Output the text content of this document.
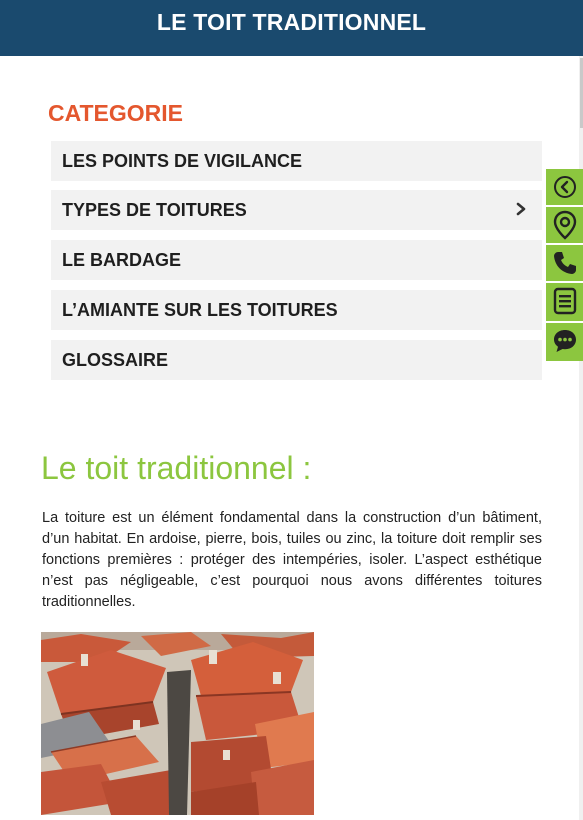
LE TOIT TRADITIONNEL
CATEGORIE
LES POINTS DE VIGILANCE
TYPES DE TOITURES
LE BARDAGE
L’AMIANTE SUR LES TOITURES
GLOSSAIRE
Le toit traditionnel :

La toiture est un élément fondamental dans la construction d’un bâtiment, d’un habitat. En ardoise, pierre, bois, tuiles ou zinc, la toiture doit remplir ses fonctions premières : protéger des intempéries, isoler. L’aspect esthétique n’est pas négligeable, c’est pourquoi nous avons différentes toitures traditionnelles.
